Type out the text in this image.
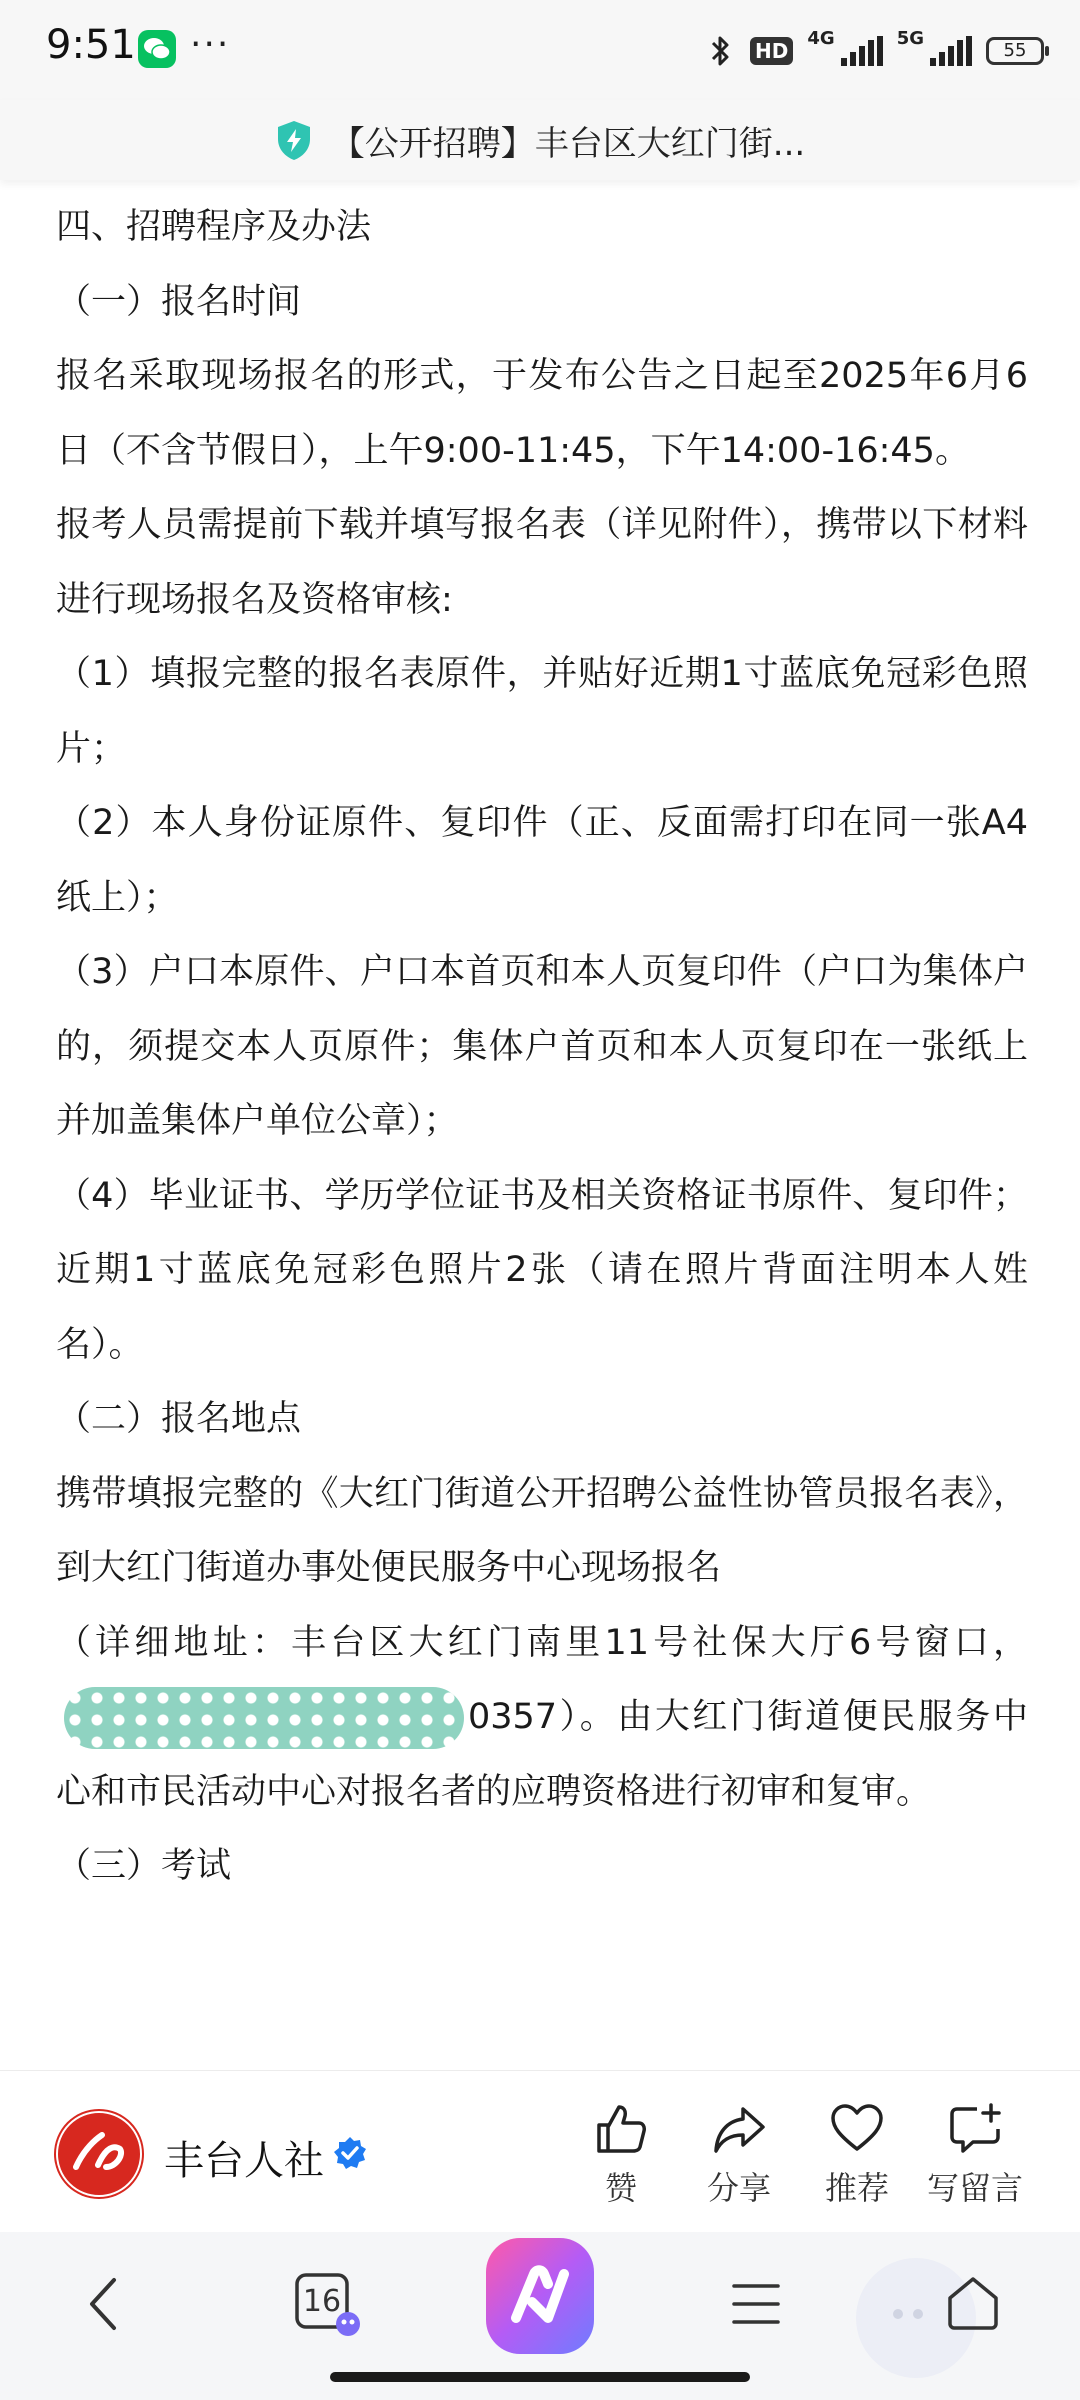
9:51 ···	HD
4G	5G
55
【公开招聘】丰台区大红门街...

四、招聘程序及办法

（一）报名时间

报名采取现场报名的形式，于发布公告之日起至2025年6月6日（不含节假日），上午9:00-11:45，下午14:00-16:45。

报考人员需提前下载并填写报名表（详见附件），携带以下材料进行现场报名及资格审核:

（1）填报完整的报名表原件，并贴好近期1寸蓝底免冠彩色照片；

（2）本人身份证原件、复印件（正、反面需打印在同一张A4纸上）；

（3）户口本原件、户口本首页和本人页复印件（户口为集体户的，须提交本人页原件；集体户首页和本人页复印在一张纸上并加盖集体户单位公章）；

（4）毕业证书、学历学位证书及相关资格证书原件、复印件；近期1寸蓝底免冠彩色照片2张（请在照片背面注明本人姓名）。

（二）报名地点

携带填报完整的《大红门街道公开招聘公益性协管员报名表》，到大红门街道办事处便民服务中心现场报名

（详细地址：丰台区大红门南里11号社保大厅6号窗口，0357）。由大红门街道便民服务中心和市民活动中心对报名者的应聘资格进行初审和复审。

（三）考试

丰台人社
赞	分享	推荐	写留言
16
